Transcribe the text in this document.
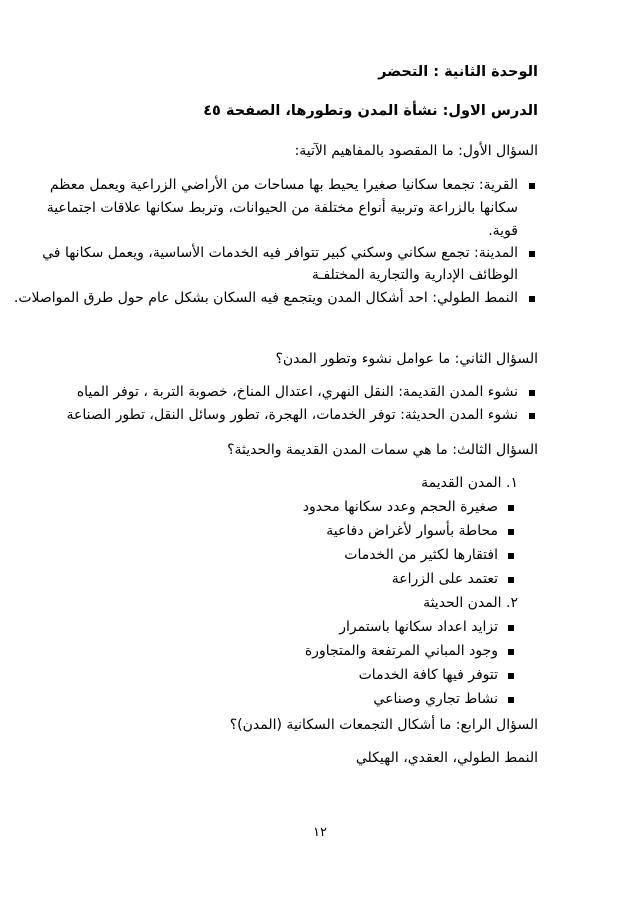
الوحدة الثانية : التحضر
الدرس الاول: نشأة المدن وتطورها، الصفحة ٤٥
السؤال الأول: ما المقصود بالمفاهيم الآتية:
القرية: تجمعا سكانيا صغيرا يحيط بها مساحات من الأراضي الزراعية ويعمل معظم
سكانها بالزراعة وتربية أنواع مختلفة من الحيوانات، وتربط سكانها علاقات اجتماعية
قوية.
المدينة: تجمع سكاني وسكني كبير تتوافر فيه الخدمات الأساسية، ويعمل سكانها في
الوظائف الإدارية والتجارية المختلفـة
النمط الطولي: احد أشكال المدن ويتجمع فيه السكان بشكل عام حول طرق المواصلات.
السؤال الثاني: ما عوامل نشوء وتطور المدن؟
نشوء المدن القديمة: النقل النهري، اعتدال المناخ، خصوبة التربة ، توفر المياه
نشوء المدن الحديثة: توفر الخدمات، الهجرة، تطور وسائل النقل، تطور الصناعة
السؤال الثالث: ما هي سمات المدن القديمة والحديثة؟
١. المدن القديمة
صغيرة الحجم وعدد سكانها محدود
محاطة بأسوار لأغراض دفاعية
افتقارها لكثير من الخدمات
تعتمد على الزراعة
٢. المدن الحديثة
تزايد اعداد سكانها باستمرار
وجود المباني المرتفعة والمتجاورة
تتوفر فيها كافة الخدمات
نشاط تجاري وصناعي
السؤال الرابع: ما أشكال التجمعات السكانية (المدن)؟
النمط الطولي، العقدي، الهيكلي
١٢
